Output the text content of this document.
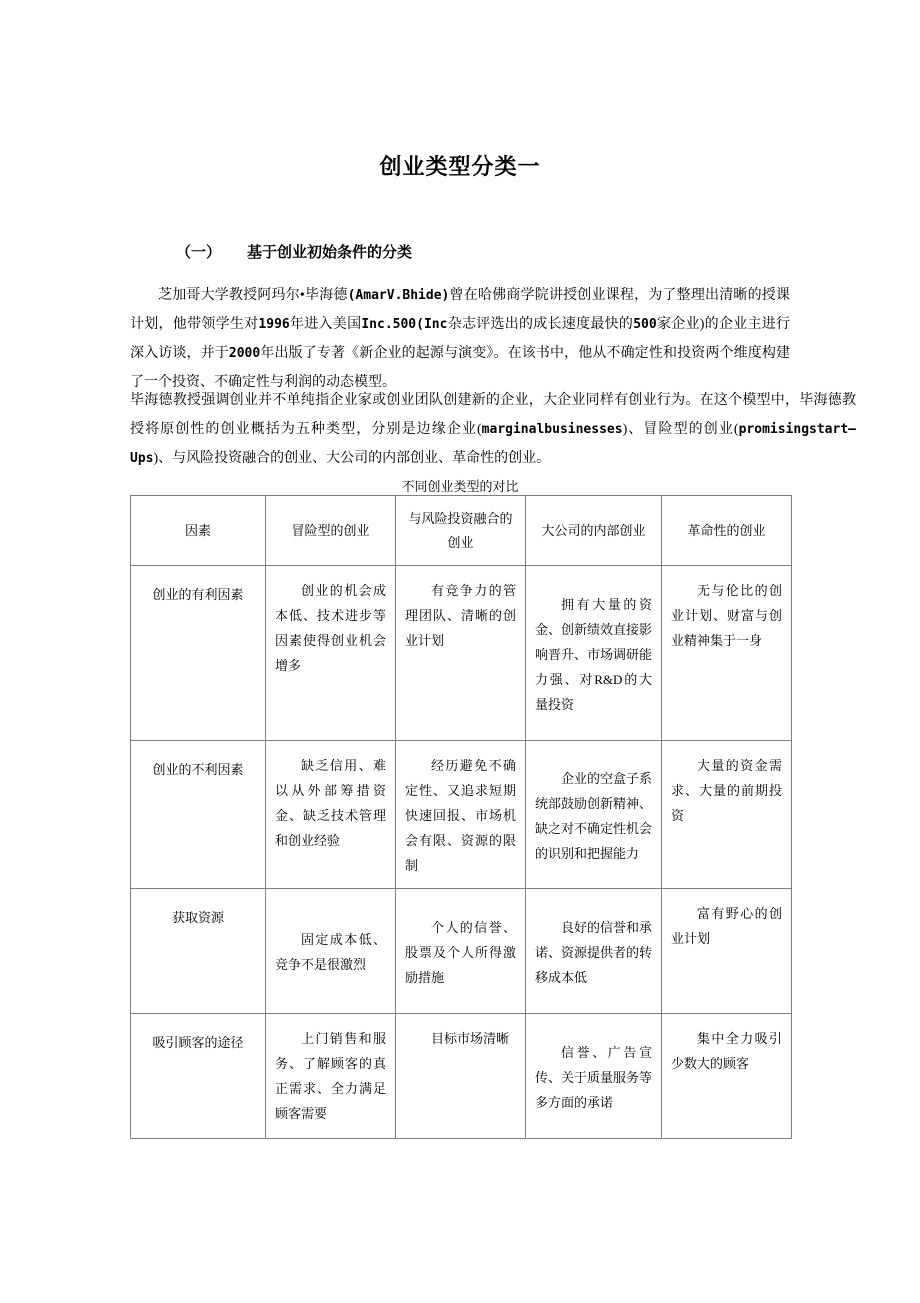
创业类型分类一
（一） 基于创业初始条件的分类

芝加哥大学教授阿玛尔•毕海德(AmarV.Bhide)曾在哈佛商学院讲授创业课程，为了整理出清晰的授课计划，他带领学生对1996年进入美国Inc.500(Inc杂志评选出的成长速度最快的500家企业)的企业主进行深入访谈，并于2000年出版了专著《新企业的起源与演变》。在该书中，他从不确定性和投资两个维度构建了一个投资、不确定性与利润的动态模型。

毕海德教授强调创业并不单纯指企业家或创业团队创建新的企业，大企业同样有创业行为。在这个模型中，毕海德教授将原创性的创业概括为五种类型，分别是边缘企业(marginalbusinesses)、冒险型的创业(promisingstart—Ups)、与风险投资融合的创业、大公司的内部创业、革命性的创业。

不同创业类型的对比
因素	冒险型的创业	与风险投资融合的创业	大公司的内部创业	革命性的创业
创业的有利因素	创业的机会成本低、技术进步等因素使得创业机会增多	有竞争力的管理团队、清晰的创业计划	拥有大量的资金、创新绩效直接影响晋升、市场调研能力强、对R&D的大量投资	无与伦比的创业计划、财富与创业精神集于一身

创业的不利因素	缺乏信用、难以从外部筹措资金、缺乏技术管理和创业经验	经历避免不确定性、又追求短期快速回报、市场机会有限、资源的限制	企业的空盒子系统部鼓励创新精神、缺之对不确定性机会的识别和把握能力	大量的资金需求、大量的前期投资

获取资源	固定成本低、竞争不是很激烈	个人的信誉、股票及个人所得激励措施	良好的信誉和承诺、资源提供者的转移成本低	富有野心的创业计划

吸引顾客的途径	上门销售和服务、了解顾客的真正需求、全力满足顾客需要	目标市场清晰	信誉、广告宣传、关于质量服务等多方面的承诺	集中全力吸引少数大的顾客
